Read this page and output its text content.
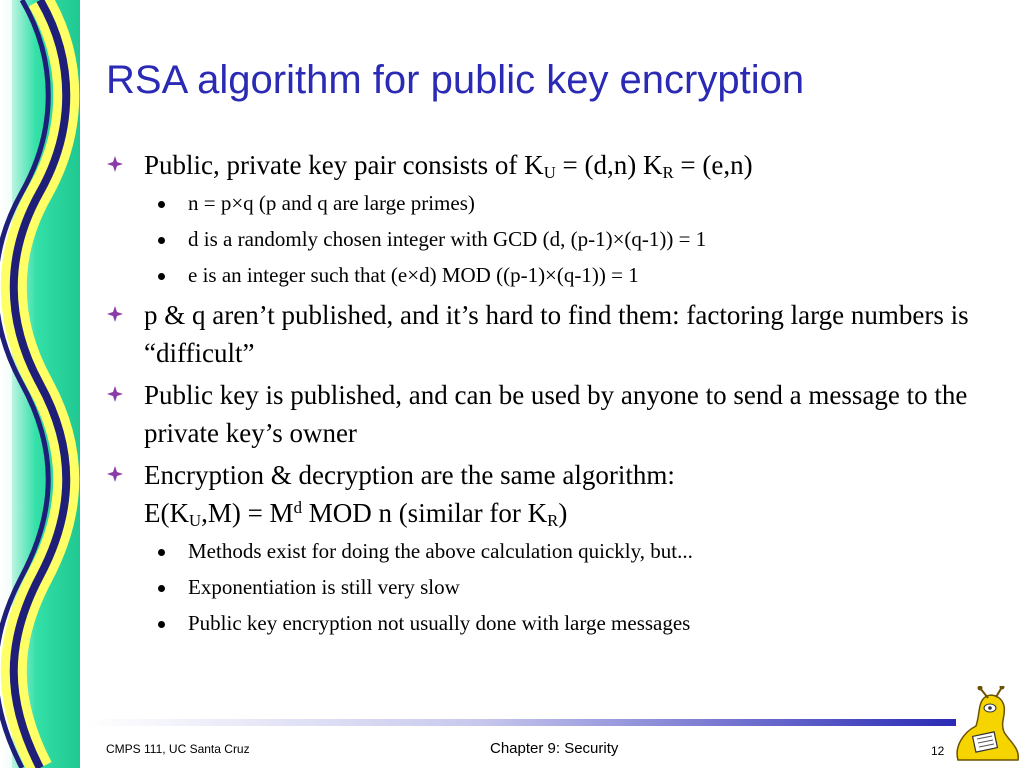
RSA algorithm for public key encryption
Public, private key pair consists of $K_U = (d,n) K_R = (e,n)$
n = p×q (p and q are large primes)
d is a randomly chosen integer with GCD (d, (p-1)×(q-1)) = 1
e is an integer such that (e×d) MOD ((p-1)×(q-1)) = 1
p & q aren’t published, and it’s hard to find them: factoring large numbers is “difficult”
Public key is published, and can be used by anyone to send a message to the private key’s owner
Encryption & decryption are the same algorithm:
$E(K_U,M) = M^d$ MOD n (similar for $K_R$)
Methods exist for doing the above calculation quickly, but...
Exponentiation is still very slow
Public key encryption not usually done with large messages
CMPS 111, UC Santa Cruz	Chapter 9: Security	12
